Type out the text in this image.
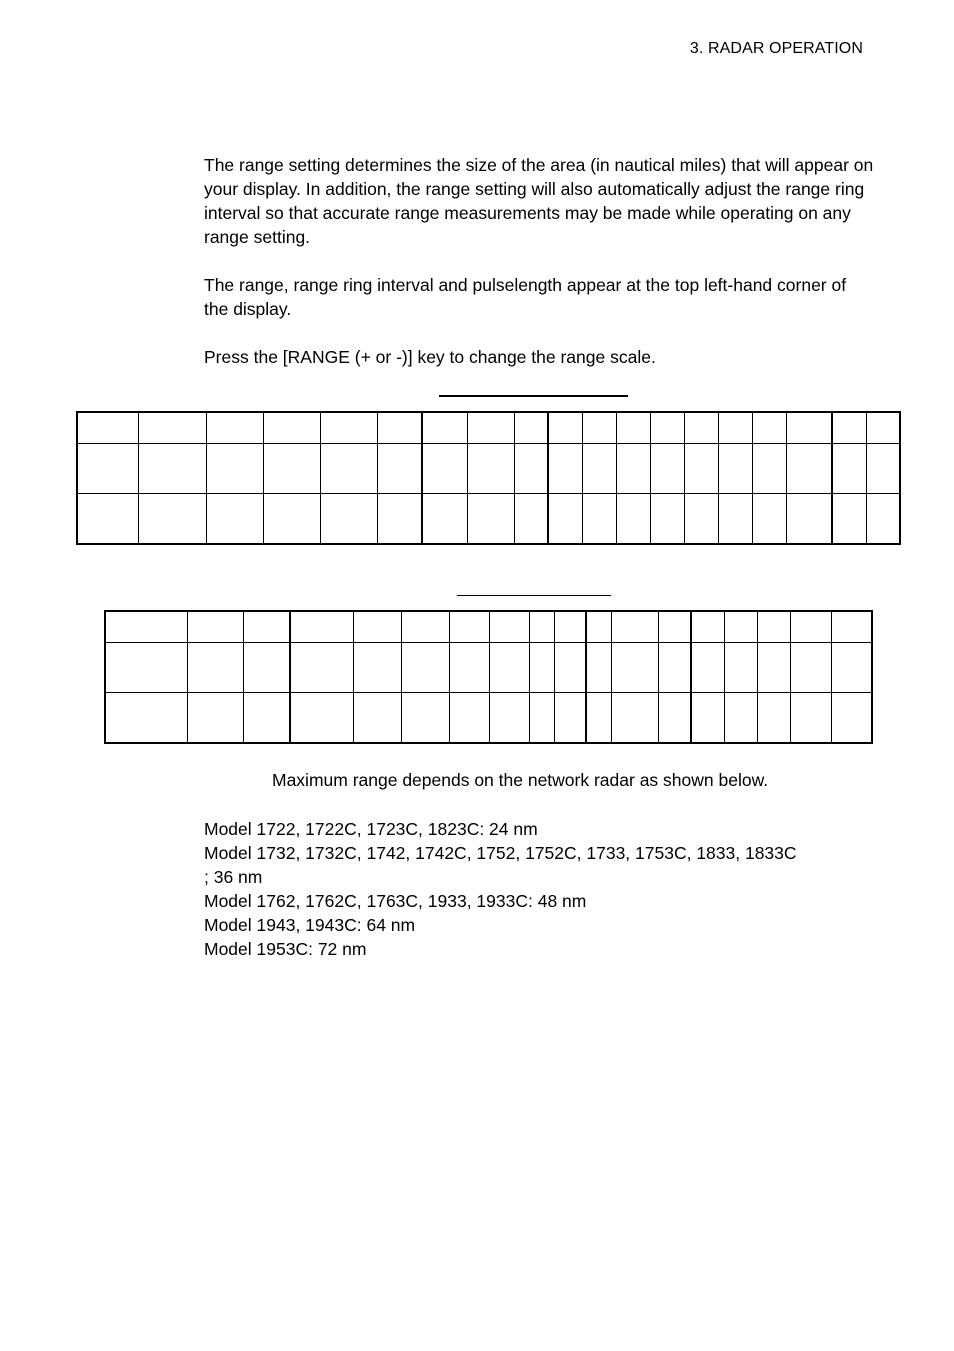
3. RADAR OPERATION
The range setting determines the size of the area (in nautical miles) that will appear on your display. In addition, the range setting will also automatically adjust the range ring interval so that accurate range measurements may be made while operating on any range setting.
The range, range ring interval and pulselength appear at the top left-hand corner of the display.
Press the [RANGE (+ or -)] key to change the range scale.

Maximum range depends on the network radar as shown below.
Model 1722, 1722C, 1723C, 1823C: 24 nm
Model 1732, 1732C, 1742, 1742C, 1752, 1752C, 1733, 1753C, 1833, 1833C
; 36 nm
Model 1762, 1762C, 1763C, 1933, 1933C: 48 nm
Model 1943, 1943C: 64 nm
Model 1953C: 72 nm
